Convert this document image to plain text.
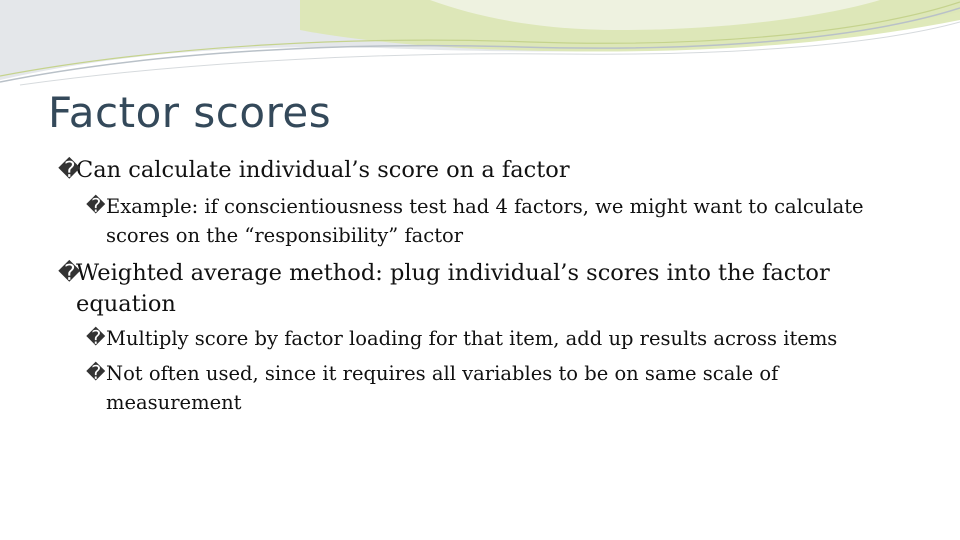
Factor scores
�
Can calculate individual’s score on a factor
� Example: if conscientiousness test had 4 factors, we might want to calculate scores on the “responsibility” factor
�
Weighted average method: plug individual’s scores into the factor equation
� Multiply score by factor loading for that item, add up results across items
� Not often used, since it requires all variables to be on same scale of measurement
